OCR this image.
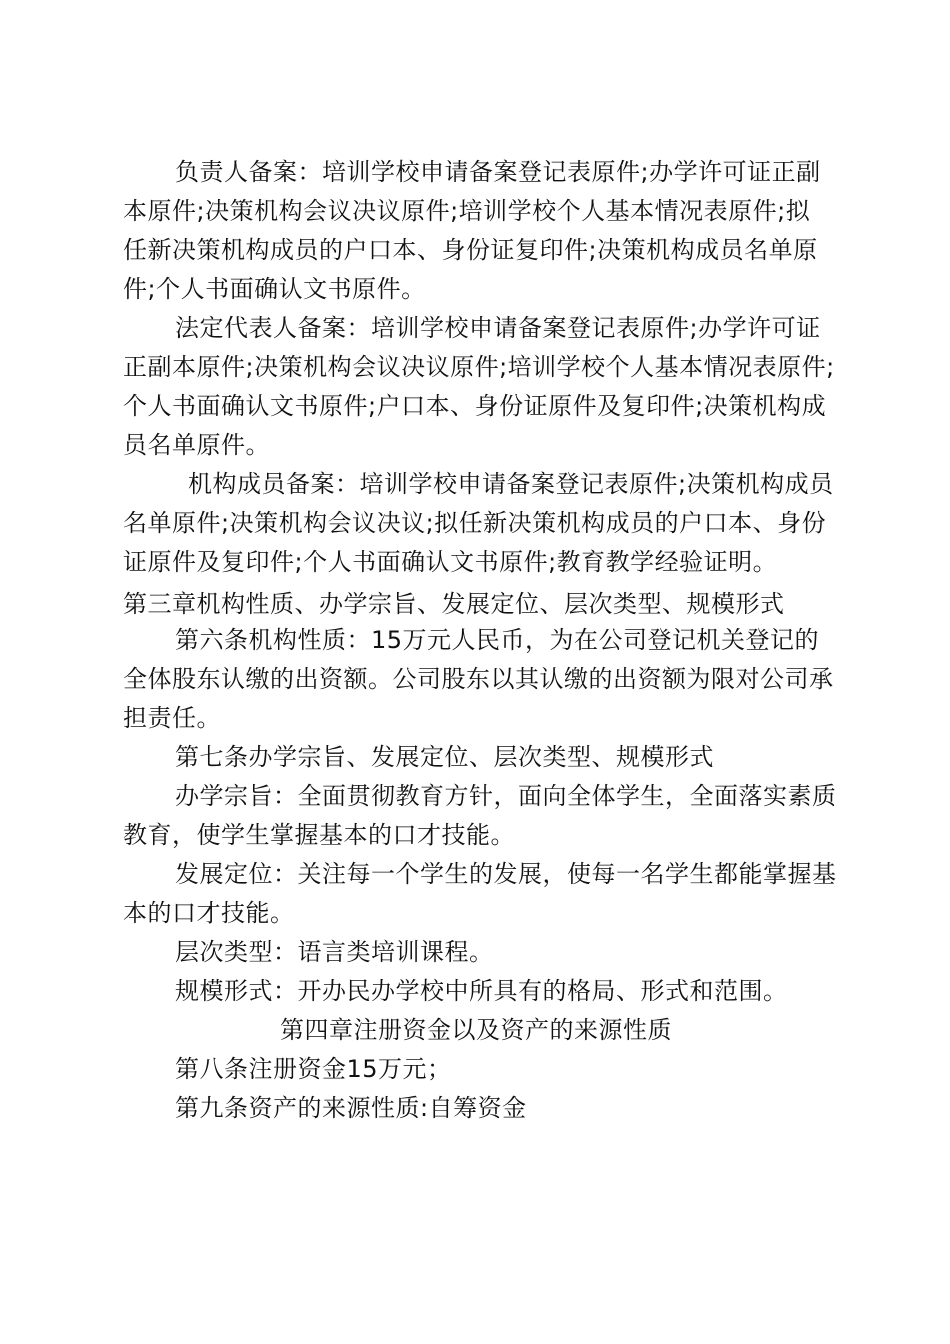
负责人备案：培训学校申请备案登记表原件;办学许可证正副
本原件;决策机构会议决议原件;培训学校个人基本情况表原件;拟
任新决策机构成员的户口本、身份证复印件;决策机构成员名单原
件;个人书面确认文书原件。
法定代表人备案：培训学校申请备案登记表原件;办学许可证
正副本原件;决策机构会议决议原件;培训学校个人基本情况表原件;
个人书面确认文书原件;户口本、身份证原件及复印件;决策机构成
员名单原件。
机构成员备案：培训学校申请备案登记表原件;决策机构成员
名单原件;决策机构会议决议;拟任新决策机构成员的户口本、身份
证原件及复印件;个人书面确认文书原件;教育教学经验证明。
第三章机构性质、办学宗旨、发展定位、层次类型、规模形式
第六条机构性质：15万元人民币，为在公司登记机关登记的
全体股东认缴的出资额。公司股东以其认缴的出资额为限对公司承
担责任。
第七条办学宗旨、发展定位、层次类型、规模形式
办学宗旨：全面贯彻教育方针，面向全体学生，全面落实素质
教育，使学生掌握基本的口才技能。
发展定位：关注每一个学生的发展，使每一名学生都能掌握基
本的口才技能。
层次类型：语言类培训课程。
规模形式：开办民办学校中所具有的格局、形式和范围。
第四章注册资金以及资产的来源性质
第八条注册资金15万元；
第九条资产的来源性质:自筹资金
